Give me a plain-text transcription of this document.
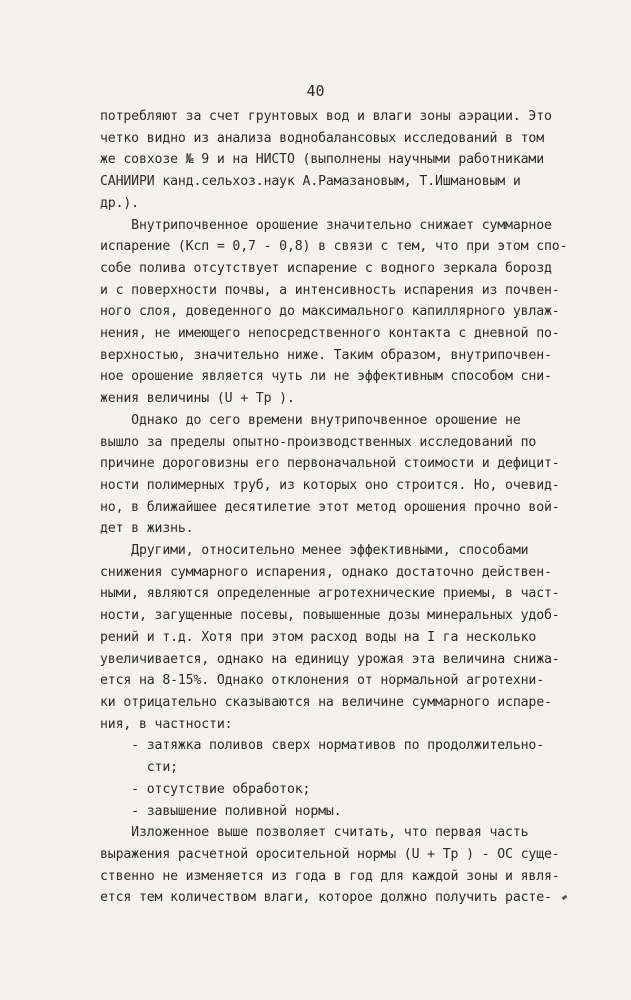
40
потребляют за счет грунтовых вод и влаги зоны аэрации. Это
четко видно из анализа воднобалансовых исследований в том
же совхозе № 9 и на НИСТО (выполнены научными работниками
САНИИРИ канд.сельхоз.наук А.Рамазановым, Т.Ишмановым и
др.).
Внутрипочвенное орошение значительно снижает суммарное
испарение (Ксп = 0,7 - 0,8) в связи с тем, что при этом спо-
собе полива отсутствует испарение с водного зеркала борозд
и с поверхности почвы, а интенсивность испарения из почвен-
ного слоя, доведенного до максимального капиллярного увлаж-
нения, не имеющего непосредственного контакта с дневной по-
верхностью, значительно ниже. Таким образом, внутрипочвен-
ное орошение является чуть ли не эффективным способом сни-
жения величины (U + Tp ).
Однако до сего времени внутрипочвенное орошение не
вышло за пределы опытно-производственных исследований по
причине дороговизны его первоначальной стоимости и дефицит-
ности полимерных труб, из которых оно строится. Но, очевид-
но, в ближайшее десятилетие этот метод орошения прочно вой-
дет в жизнь.
Другими, относительно менее эффективными, способами
снижения суммарного испарения, однако достаточно действен-
ными, являются определенные агротехнические приемы, в част-
ности, загущенные посевы, повышенные дозы минеральных удоб-
рений и т.д. Хотя при этом расход воды на I га несколько
увеличивается, однако на единицу урожая эта величина снижа-
ется на 8-15%. Однако отклонения от нормальной агротехни-
ки отрицательно сказываются на величине суммарного испаре-
ния, в частности:
- затяжка поливов сверх нормативов по продолжительно-
сти;
- отсутствие обработок;
- завышение поливной нормы.
Изложенное выше позволяет считать, что первая часть
выражения расчетной оросительной нормы (U + Tp ) - ОС суще-
ственно не изменяется из года в год для каждой зоны и явля-
ется тем количеством влаги, которое должно получить расте-
